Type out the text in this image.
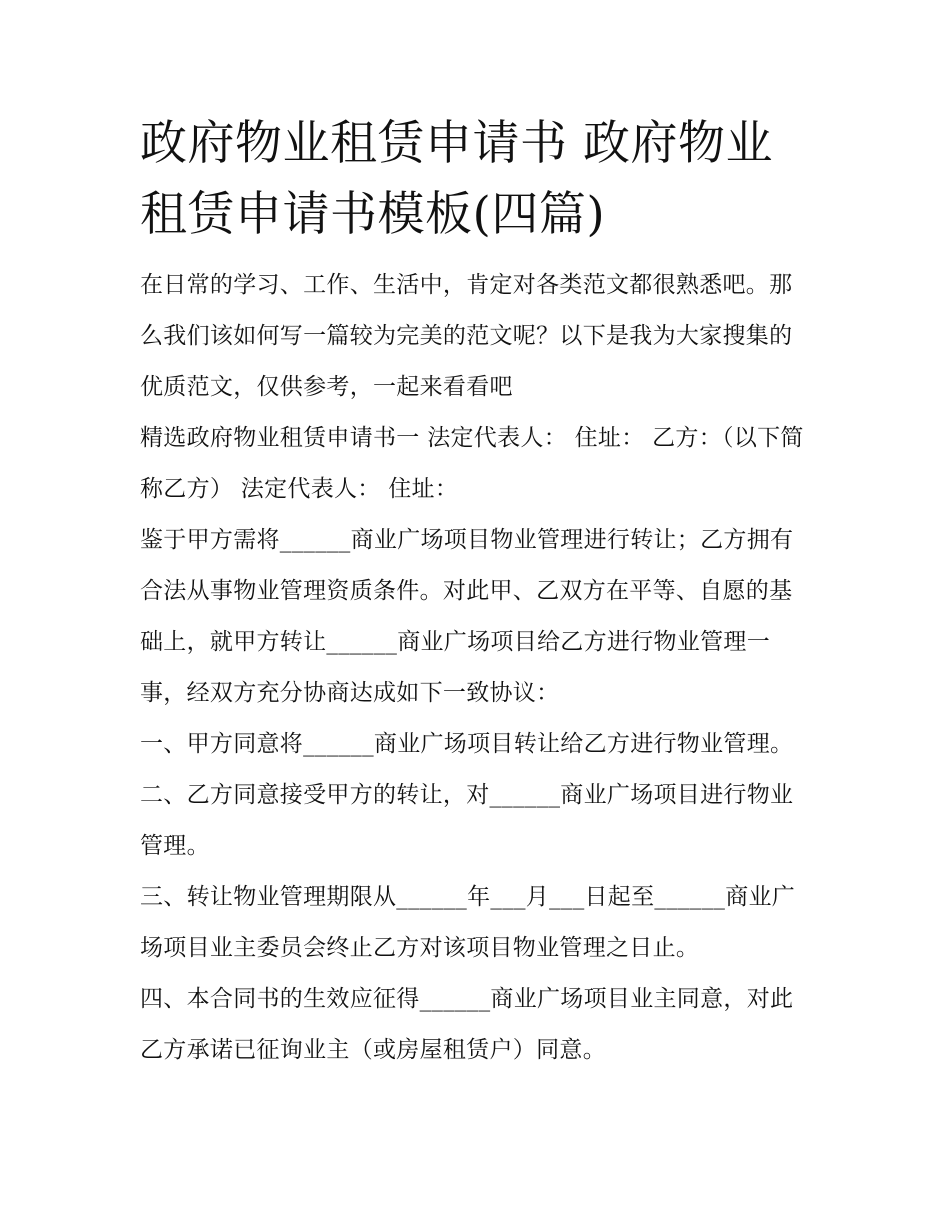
政府物业租赁申请书 政府物业租赁申请书模板(四篇)

在日常的学习、工作、生活中，肯定对各类范文都很熟悉吧。那么我们该如何写一篇较为完美的范文呢？以下是我为大家搜集的优质范文，仅供参考，一起来看看吧

精选政府物业租赁申请书一 法定代表人： 住址： 乙方：（以下简称乙方） 法定代表人： 住址：

鉴于甲方需将______商业广场项目物业管理进行转让；乙方拥有合法从事物业管理资质条件。对此甲、乙双方在平等、自愿的基础上，就甲方转让______商业广场项目给乙方进行物业管理一事，经双方充分协商达成如下一致协议：

一、甲方同意将______商业广场项目转让给乙方进行物业管理。 二、乙方同意接受甲方的转让，对______商业广场项目进行物业管理。

三、转让物业管理期限从______年___月___日起至______商业广场项目业主委员会终止乙方对该项目物业管理之日止。

四、本合同书的生效应征得______商业广场项目业主同意，对此乙方承诺已征询业主（或房屋租赁户）同意。
